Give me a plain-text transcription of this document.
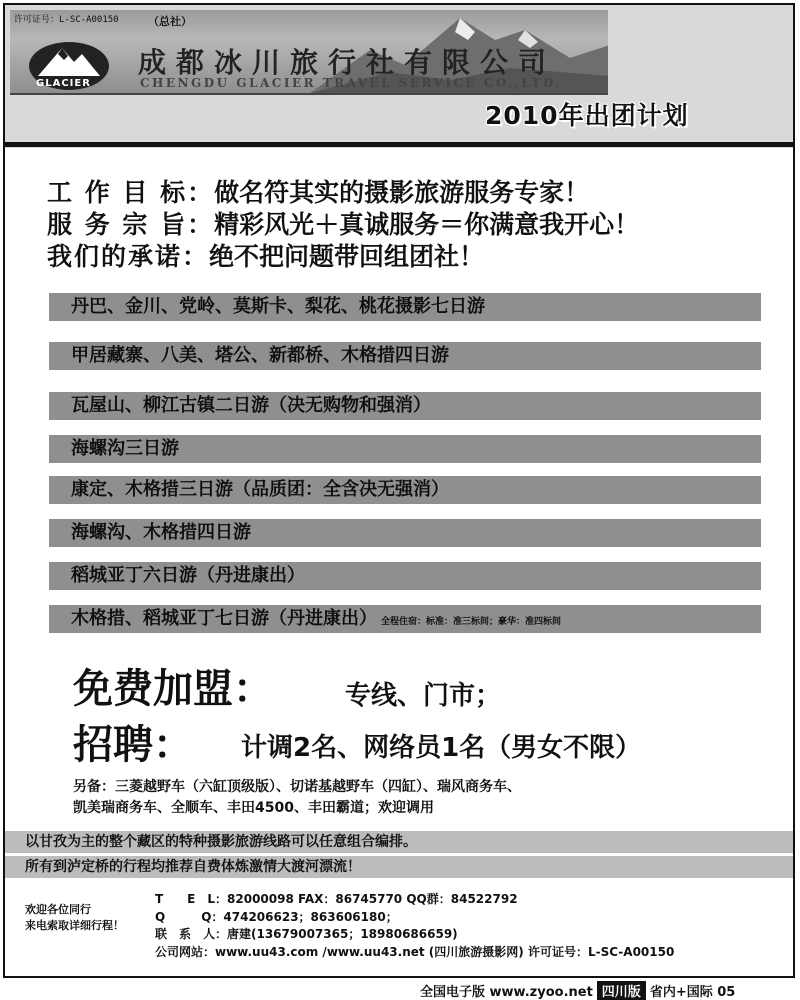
许可证号：L-SC-A00150	（总社）
GLACIER
成都冰川旅行社有限公司
CHENGDU GLACIER TRAVEL SERVICE CO.,LTD.
2010年出团计划
工 作 目 标：做名符其实的摄影旅游服务专家！
服 务 宗 旨：精彩风光＋真诚服务＝你满意我开心！
我们的承诺：绝不把问题带回组团社！
丹巴、金川、党岭、莫斯卡、梨花、桃花摄影七日游
甲居藏寨、八美、塔公、新都桥、木格措四日游
瓦屋山、柳江古镇二日游（决无购物和强消）
海螺沟三日游
康定、木格措三日游（品质团：全含决无强消）
海螺沟、木格措四日游
稻城亚丁六日游（丹进康出）
木格措、稻城亚丁七日游（丹进康出） 全程住宿：标准：准三标间；豪华：准四标间
免费加盟：	专线、门市；
招聘： 计调2名、网络员1名（男女不限）
另备：三菱越野车（六缸顶级版）、切诺基越野车（四缸）、瑞风商务车、
凯美瑞商务车、全顺车、丰田4500、丰田霸道；欢迎调用
以甘孜为主的整个藏区的特种摄影旅游线路可以任意组合编排。
所有到泸定桥的行程均推荐自费体炼激情大渡河漂流！
欢迎各位同行
来电索取详细行程！
T　　E　L：82000098 FAX：86745770 QQ群：84522792
Q　　　Q：474206623；863606180；
联　系　人：唐建(13679007365；18980686659)
公司网站：www.uu43.com /www.uu43.net (四川旅游摄影网) 许可证号：L-SC-A00150
全国电子版 www.zyoo.net 四川版 省内+国际 05
